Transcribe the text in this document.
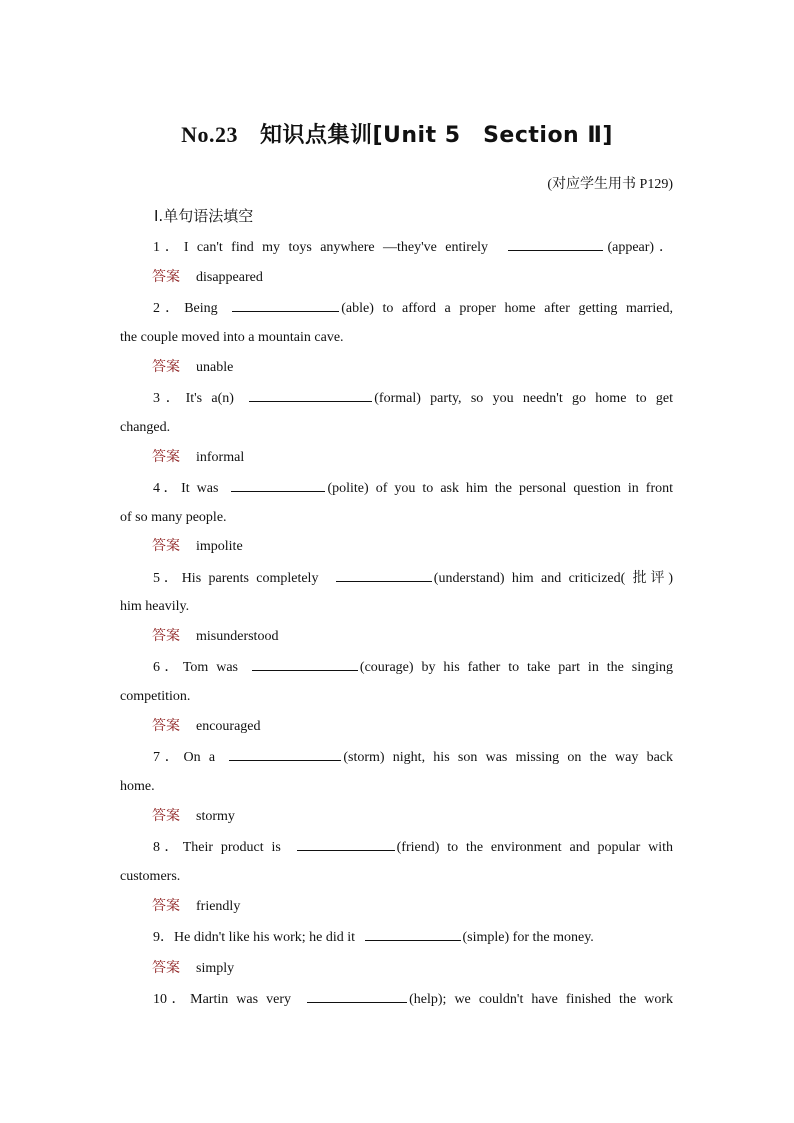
No.23 知识点集训[Unit 5　Section Ⅱ]
(对应学生用书 P129)
Ⅰ.单句语法填空
1．I can't find my toys anywhere —they've entirely	(appear)．
答案 disappeared
2．Being	(able) to afford a proper home after getting married,
the couple moved into a mountain cave.
答案 unable
3．It's a(n)	(formal) party, so you needn't go home to get
changed.
答案 informal
4．It was	(polite) of you to ask him the personal question in front
of so many people.
答案 impolite
5．His parents completely	(understand) him and criticized( 批评)
him heavily.
答案 misunderstood
6．Tom was	(courage) by his father to take part in the singing
competition.
答案 encouraged
7．On a	(storm) night, his son was missing on the way back
home.
答案 stormy
8．Their product is	(friend) to the environment and popular with
customers.
答案 friendly
9．He didn't like his work; he did it	(simple) for the money.
答案 simply
10．Martin was very	(help); we couldn't have finished the work
